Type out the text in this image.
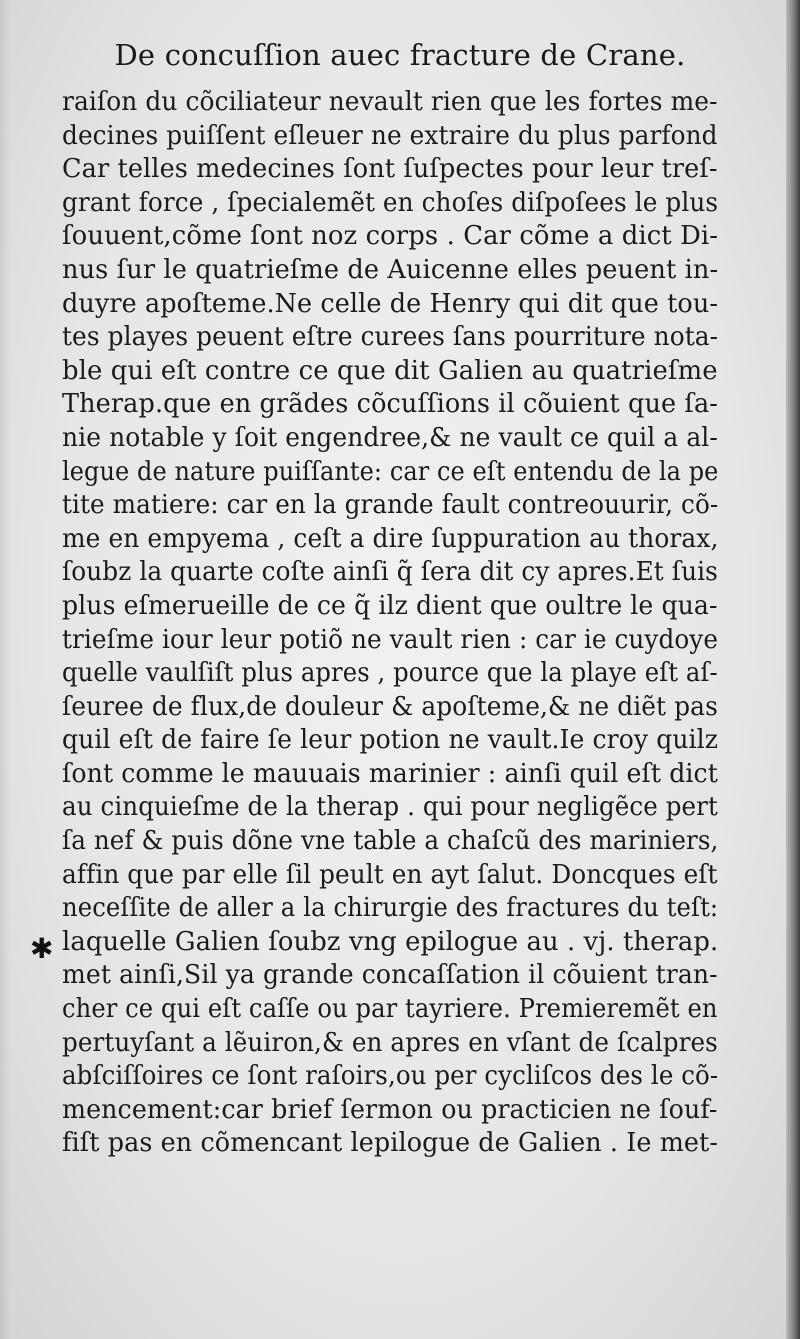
De concuſſion auec fracture de Crane.
✱
raiſon du cõciliateur nevault rien que les fortes me-
decines puiſſent eſleuer ne extraire du plus parfond
Car telles medecines ſont ſuſpectes pour leur treſ-
grant force , ſpecialemẽt en choſes diſpoſees le plus
ſouuent,cõme ſont noz corps . Car cõme a dict Di-
nus ſur le quatrieſme de Auicenne elles peuent in-
duyre apoſteme.Ne celle de Henry qui dit que tou-
tes playes peuent eſtre curees ſans pourriture nota-
ble qui eſt contre ce que dit Galien au quatrieſme
Therap.que en grãdes cõcuſſions il cõuient que ſa-
nie notable y ſoit engendree,& ne vault ce quil a al-
legue de nature puiſſante: car ce eſt entendu de la pe
tite matiere: car en la grande fault contreouurir, cõ-
me en empyema , ceſt a dire ſuppuration au thorax,
ſoubz la quarte coſte ainſi q̃ ſera dit cy apres.Et ſuis
plus eſmerueille de ce q̃ ilz dient que oultre le qua-
trieſme iour leur potiõ ne vault rien : car ie cuydoye
quelle vaulſiſt plus apres , pource que la playe eſt aſ-
ſeuree de flux,de douleur & apoſteme,& ne diẽt pas
quil eſt de faire ſe leur potion ne vault.Ie croy quilz
ſont comme le mauuais marinier : ainſi quil eſt dict
au cinquieſme de la therap . qui pour negligẽce pert
ſa nef & puis dõne vne table a chaſcũ des mariniers,
affin que par elle ſil peult en ayt ſalut. Doncques eſt
neceſſite de aller a la chirurgie des fractures du teſt:
laquelle Galien ſoubz vng epilogue au . vj. therap.
met ainſi,Sil ya grande concaſſation il cõuient tran-
cher ce qui eſt caſſe ou par tayriere. Premieremẽt en
pertuyſant a lẽuiron,& en apres en vſant de ſcalpres
abſciſſoires ce ſont raſoirs,ou per cycliſcos des le cõ-
mencement:car brief ſermon ou practicien ne ſouf-
fiſt pas en cõmencant lepilogue de Galien . Ie met-
